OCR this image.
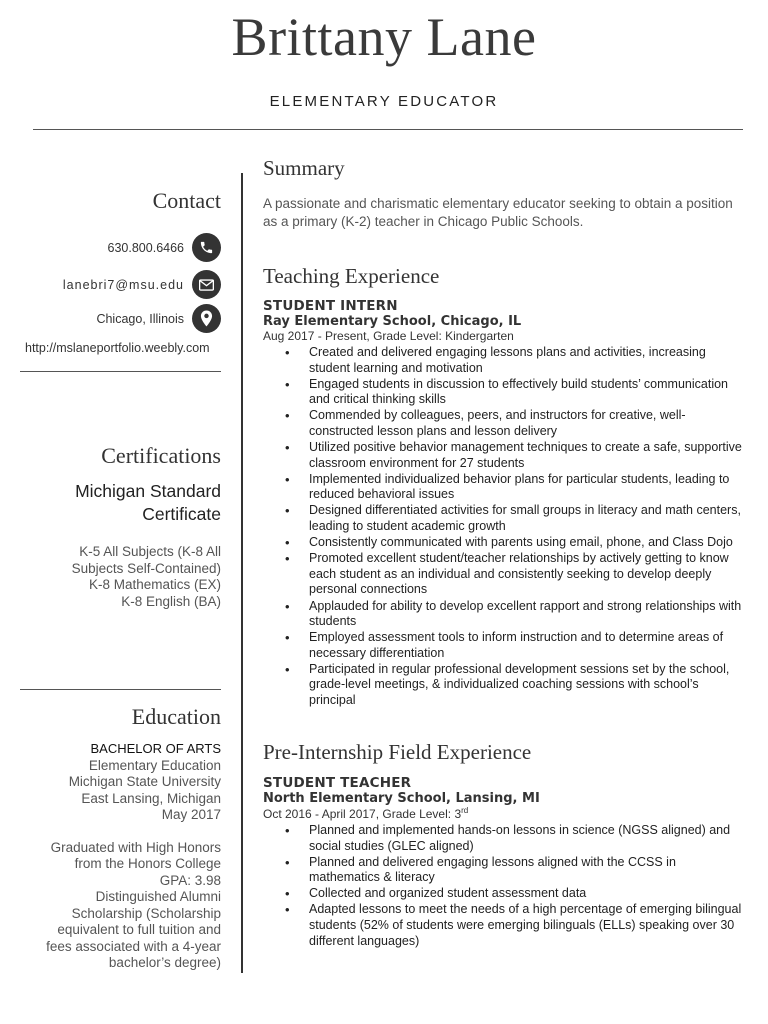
Brittany Lane
ELEMENTARY EDUCATOR
Contact
630.800.6466
lanebri7@msu.edu
Chicago, Illinois
http://mslaneportfolio.weebly.com
Certifications
Michigan Standard
Certificate
K-5 All Subjects (K-8 All
Subjects Self-Contained)
K-8 Mathematics (EX)
K-8 English (BA)
Education
BACHELOR OF ARTS
Elementary Education
Michigan State University
East Lansing, Michigan
May 2017
Graduated with High Honors
from the Honors College
GPA: 3.98
Distinguished Alumni
Scholarship (Scholarship
equivalent to full tuition and
fees associated with a 4-year
bachelor’s degree)
Summary
A passionate and charismatic elementary educator seeking to obtain a position as a primary (K-2) teacher in Chicago Public Schools.
Teaching Experience
STUDENT INTERN
Ray Elementary School, Chicago, IL
Aug 2017 - Present, Grade Level: Kindergarten
• Created and delivered engaging lessons plans and activities, increasing student learning and motivation
• Engaged students in discussion to effectively build students’ communication and critical thinking skills
• Commended by colleagues, peers, and instructors for creative, well-constructed lesson plans and lesson delivery
• Utilized positive behavior management techniques to create a safe, supportive classroom environment for 27 students
• Implemented individualized behavior plans for particular students, leading to reduced behavioral issues
• Designed differentiated activities for small groups in literacy and math centers, leading to student academic growth
• Consistently communicated with parents using email, phone, and Class Dojo
• Promoted excellent student/teacher relationships by actively getting to know each student as an individual and consistently seeking to develop deeply personal connections
• Applauded for ability to develop excellent rapport and strong relationships with students
• Employed assessment tools to inform instruction and to determine areas of necessary differentiation
• Participated in regular professional development sessions set by the school, grade-level meetings, & individualized coaching sessions with school’s principal
Pre-Internship Field Experience
STUDENT TEACHER
North Elementary School, Lansing, MI
Oct 2016 - April 2017, Grade Level: 3rd
• Planned and implemented hands-on lessons in science (NGSS aligned) and social studies (GLEC aligned)
• Planned and delivered engaging lessons aligned with the CCSS in mathematics & literacy
• Collected and organized student assessment data
• Adapted lessons to meet the needs of a high percentage of emerging bilingual students (52% of students were emerging bilinguals (ELLs) speaking over 30 different languages)
